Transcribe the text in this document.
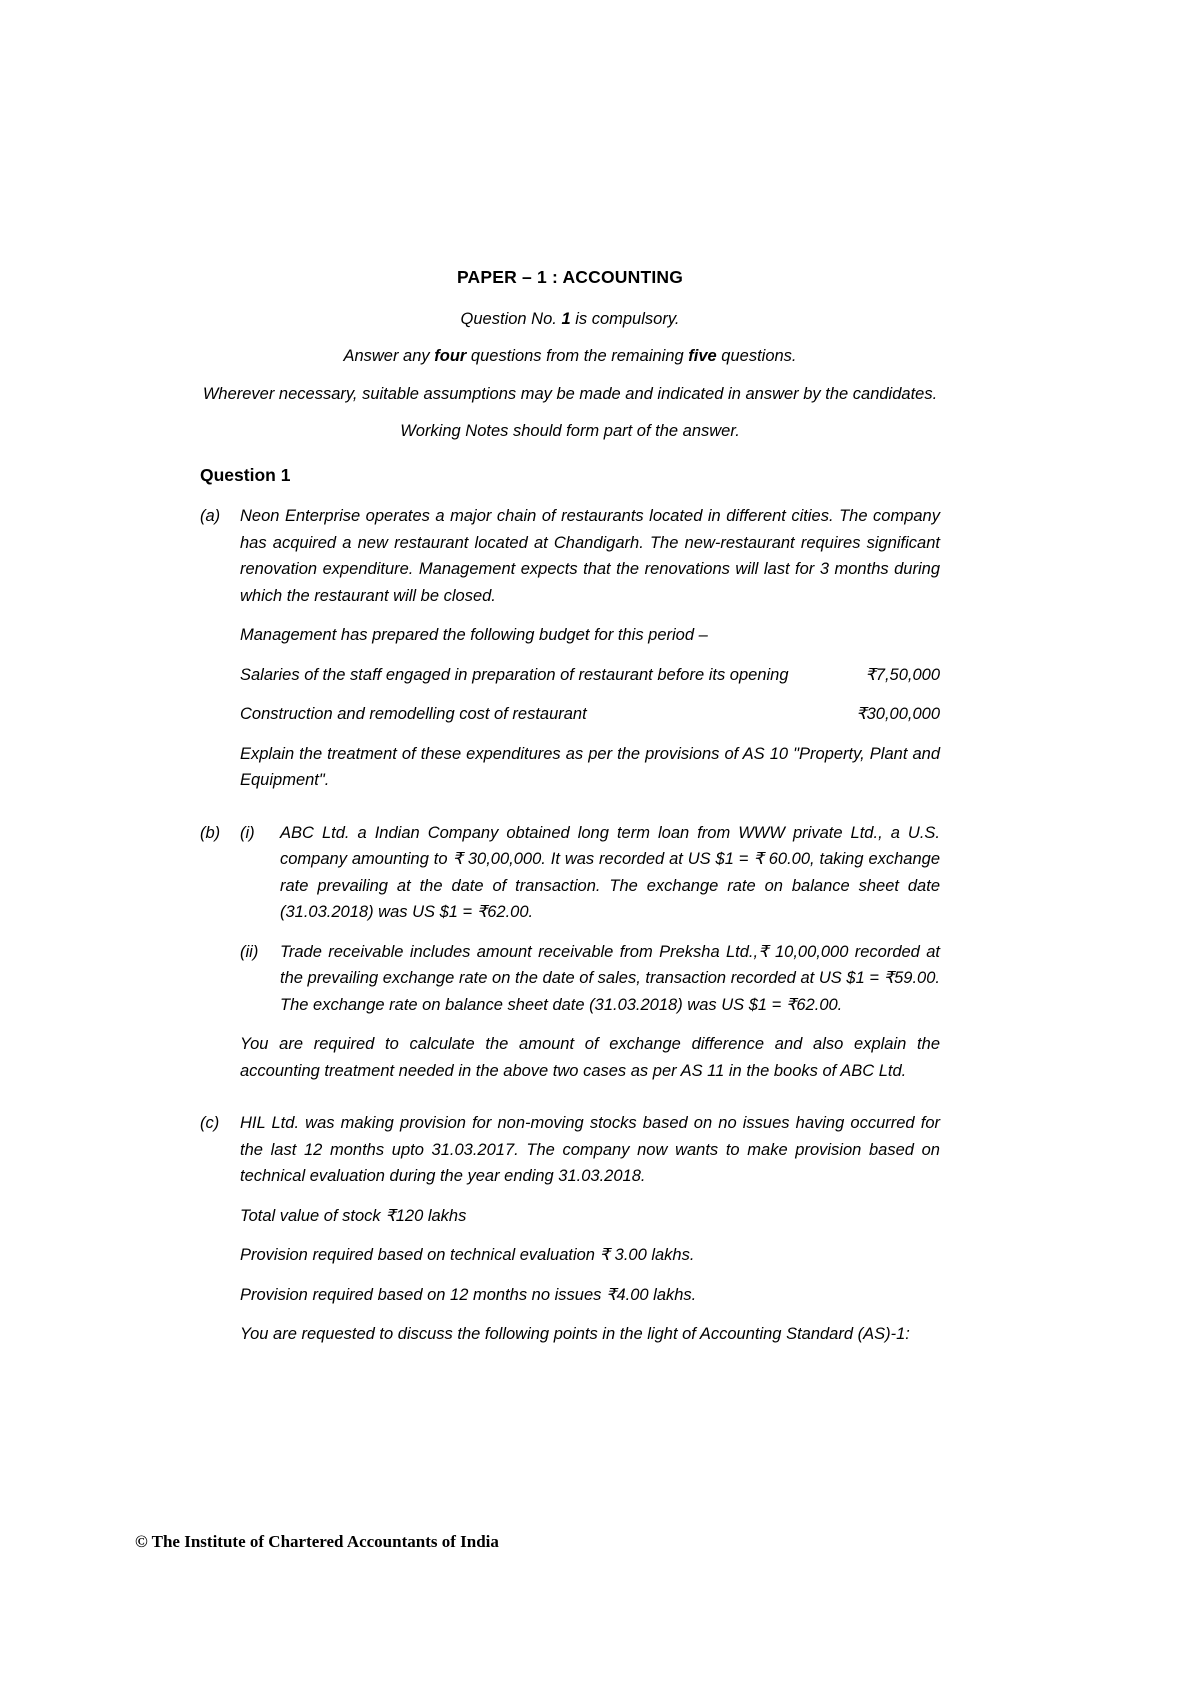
PAPER – 1 : ACCOUNTING
Question No. 1 is compulsory.
Answer any four questions from the remaining five questions.
Wherever necessary, suitable assumptions may be made and indicated in answer by the candidates.
Working Notes should form part of the answer.
Question 1
(a)	Neon Enterprise operates a major chain of restaurants located in different cities. The company has acquired a new restaurant located at Chandigarh. The new-restaurant requires significant renovation expenditure. Management expects that the renovations will last for 3 months during which the restaurant will be closed.
Management has prepared the following budget for this period –
Salaries of the staff engaged in preparation of restaurant before its opening	₹7,50,000
Construction and remodelling cost of restaurant	₹30,00,000
Explain the treatment of these expenditures as per the provisions of AS 10 "Property, Plant and Equipment".
(b)	(i)	ABC Ltd. a Indian Company obtained long term loan from WWW private Ltd., a U.S. company amounting to ₹ 30,00,000. It was recorded at US $1 = ₹ 60.00, taking exchange rate prevailing at the date of transaction. The exchange rate on balance sheet date (31.03.2018) was US $1 = ₹62.00.
(ii)	Trade receivable includes amount receivable from Preksha Ltd.,₹ 10,00,000 recorded at the prevailing exchange rate on the date of sales, transaction recorded at US $1 = ₹59.00. The exchange rate on balance sheet date (31.03.2018) was US $1 = ₹62.00.
You are required to calculate the amount of exchange difference and also explain the accounting treatment needed in the above two cases as per AS 11 in the books of ABC Ltd.
(c)	HIL Ltd. was making provision for non-moving stocks based on no issues having occurred for the last 12 months upto 31.03.2017. The company now wants to make provision based on technical evaluation during the year ending 31.03.2018.
Total value of stock ₹120 lakhs
Provision required based on technical evaluation ₹ 3.00 lakhs.
Provision required based on 12 months no issues ₹4.00 lakhs.
You are requested to discuss the following points in the light of Accounting Standard (AS)-1:
© The Institute of Chartered Accountants of India
